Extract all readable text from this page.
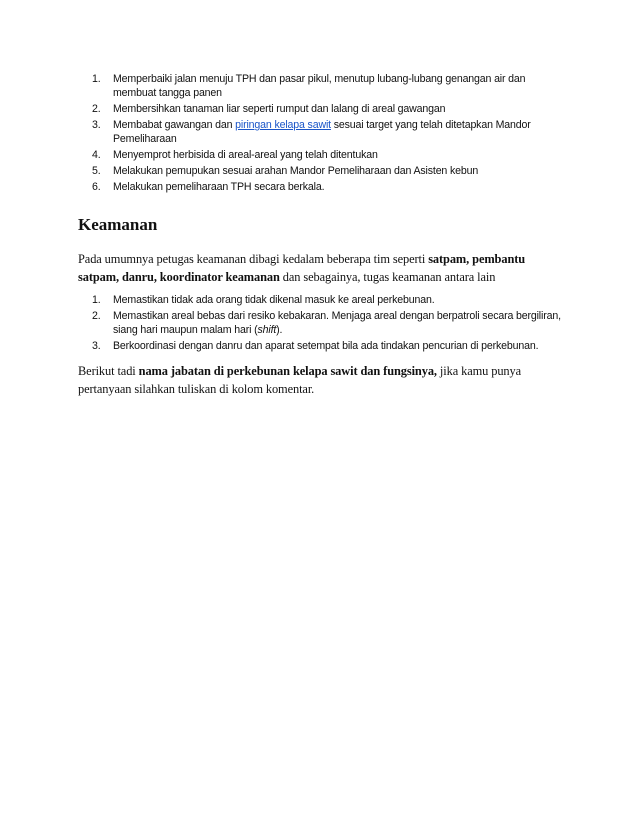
1. Memperbaiki jalan menuju TPH dan pasar pikul, menutup lubang-lubang genangan air dan membuat tangga panen
2. Membersihkan tanaman liar seperti rumput dan lalang di areal gawangan
3. Membabat gawangan dan piringan kelapa sawit sesuai target yang telah ditetapkan Mandor Pemeliharaan
4. Menyemprot herbisida di areal-areal yang telah ditentukan
5. Melakukan pemupukan sesuai arahan Mandor Pemeliharaan dan Asisten kebun
6. Melakukan pemeliharaan TPH secara berkala.
Keamanan

Pada umumnya petugas keamanan dibagi kedalam beberapa tim seperti satpam, pembantu satpam, danru, koordinator keamanan dan sebagainya, tugas keamanan antara lain

1. Memastikan tidak ada orang tidak dikenal masuk ke areal perkebunan.
2. Memastikan areal bebas dari resiko kebakaran. Menjaga areal dengan berpatroli secara bergiliran, siang hari maupun malam hari (shift).
3. Berkoordinasi dengan danru dan aparat setempat bila ada tindakan pencurian di perkebunan.

Berikut tadi nama jabatan di perkebunan kelapa sawit dan fungsinya, jika kamu punya pertanyaan silahkan tuliskan di kolom komentar.
